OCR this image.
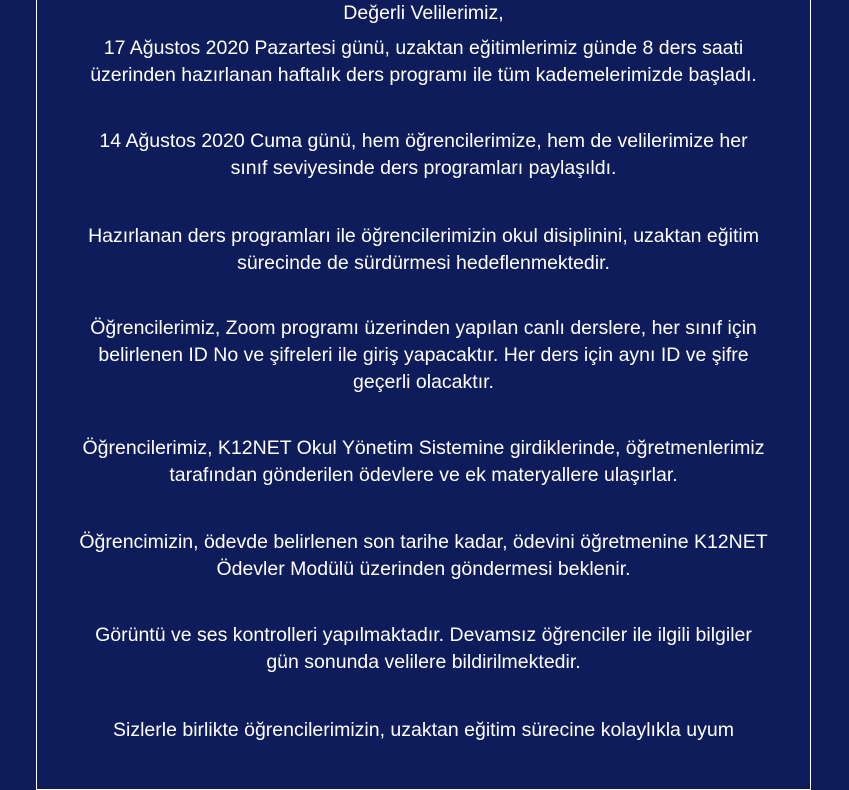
Değerli Velilerimiz,

17 Ağustos 2020 Pazartesi günü, uzaktan eğitimlerimiz günde 8 ders saati
üzerinden hazırlanan haftalık ders programı ile tüm kademelerimizde başladı.
14 Ağustos 2020 Cuma günü, hem öğrencilerimize, hem de velilerimize her
sınıf seviyesinde ders programları paylaşıldı.
Hazırlanan ders programları ile öğrencilerimizin okul disiplinini, uzaktan eğitim
sürecinde de sürdürmesi hedeflenmektedir.
Öğrencilerimiz, Zoom programı üzerinden yapılan canlı derslere, her sınıf için
belirlenen ID No ve şifreleri ile giriş yapacaktır. Her ders için aynı ID ve şifre
geçerli olacaktır.
Öğrencilerimiz, K12NET Okul Yönetim Sistemine girdiklerinde, öğretmenlerimiz
tarafından gönderilen ödevlere ve ek materyallere ulaşırlar.
Öğrencimizin, ödevde belirlenen son tarihe kadar, ödevini öğretmenine K12NET
Ödevler Modülü üzerinden göndermesi beklenir.
Görüntü ve ses kontrolleri yapılmaktadır. Devamsız öğrenciler ile ilgili bilgiler
gün sonunda velilere bildirilmektedir.
Sizlerle birlikte öğrencilerimizin, uzaktan eğitim sürecine kolaylıkla uyum
